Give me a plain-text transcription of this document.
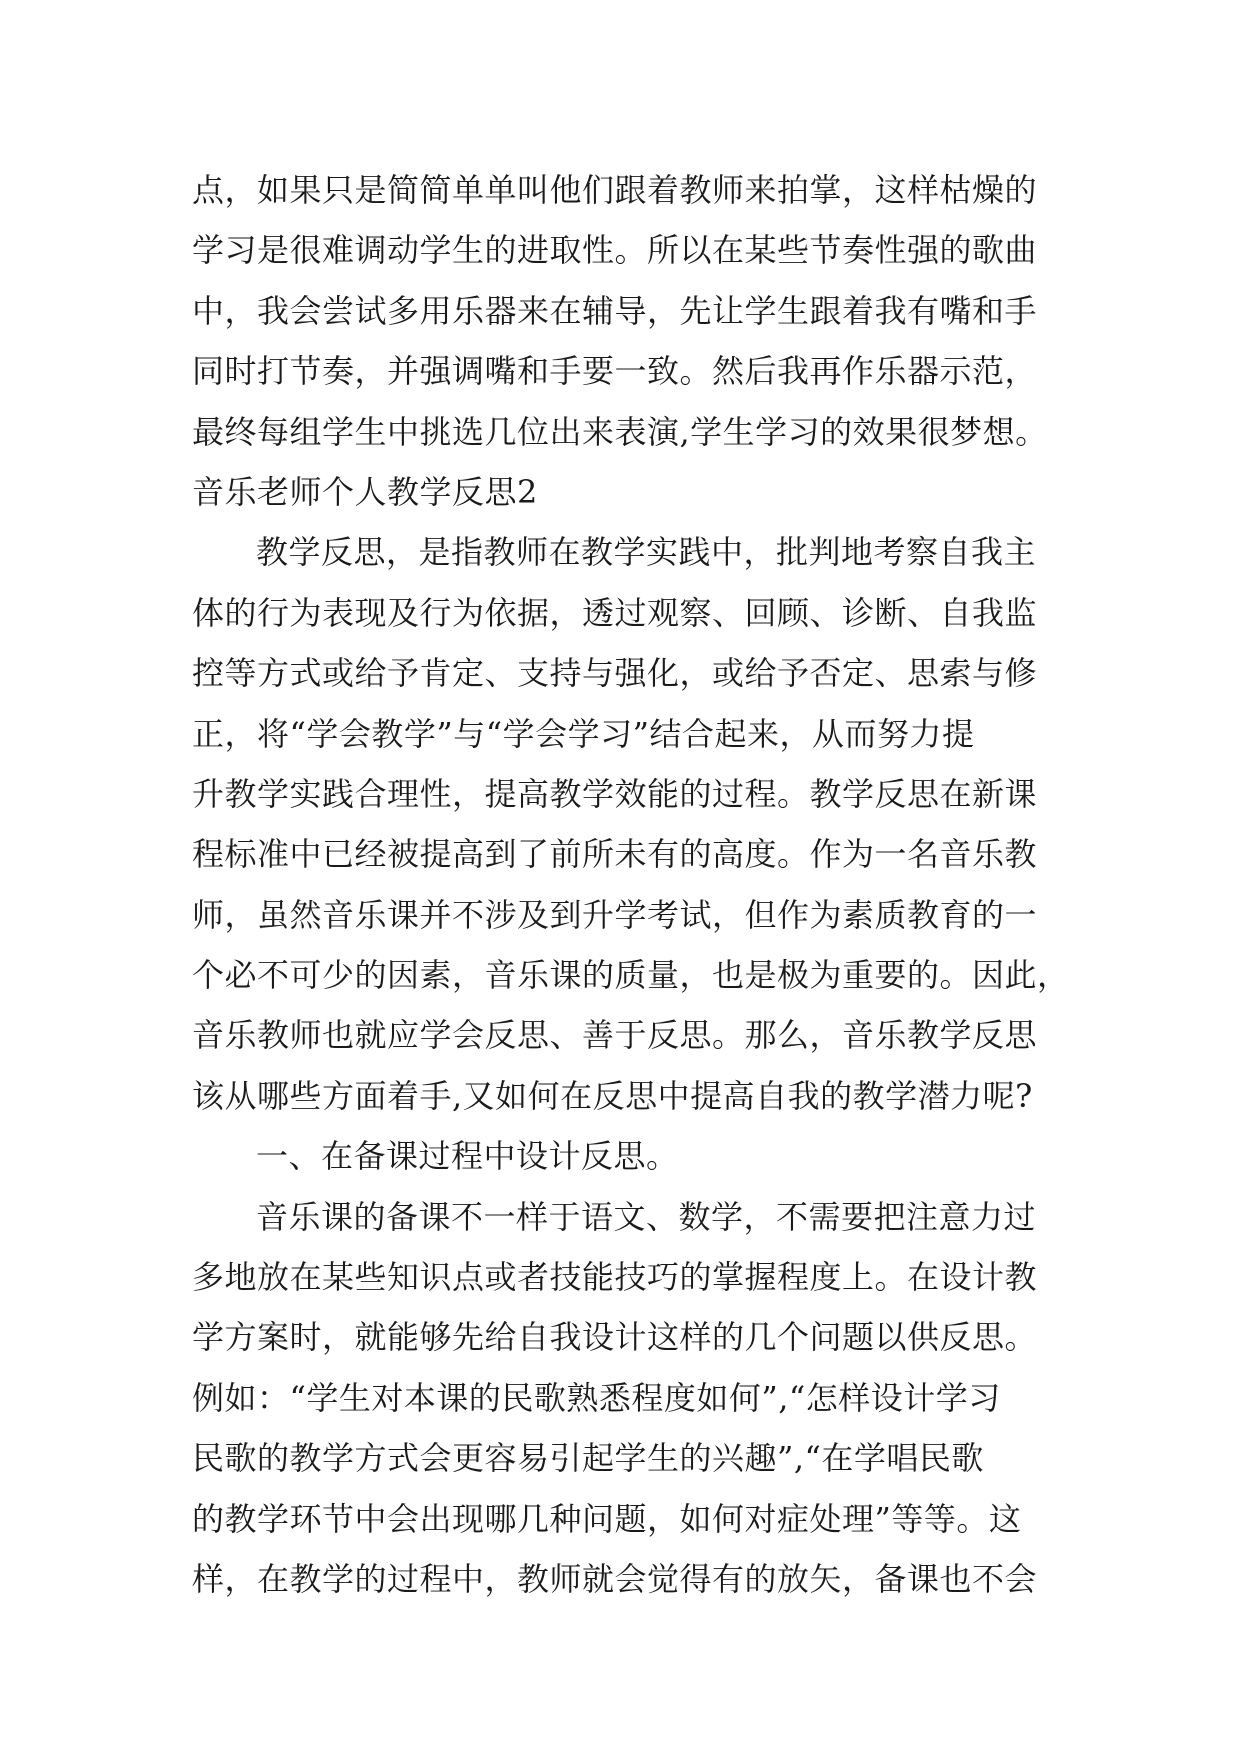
点，如果只是简简单单叫他们跟着教师来拍掌，这样枯燥的
学习是很难调动学生的进取性。所以在某些节奏性强的歌曲
中，我会尝试多用乐器来在辅导，先让学生跟着我有嘴和手
同时打节奏，并强调嘴和手要一致。然后我再作乐器示范，
最终每组学生中挑选几位出来表演,学生学习的效果很梦想。
音乐老师个人教学反思2
教学反思，是指教师在教学实践中，批判地考察自我主
体的行为表现及行为依据，透过观察、回顾、诊断、自我监
控等方式或给予肯定、支持与强化，或给予否定、思索与修
正，将“学会教学”与“学会学习”结合起来，从而努力提
升教学实践合理性，提高教学效能的过程。教学反思在新课
程标准中已经被提高到了前所未有的高度。作为一名音乐教
师，虽然音乐课并不涉及到升学考试，但作为素质教育的一
个必不可少的因素，音乐课的质量，也是极为重要的。因此，
音乐教师也就应学会反思、善于反思。那么，音乐教学反思
该从哪些方面着手,又如何在反思中提高自我的教学潜力呢?
一、在备课过程中设计反思。
音乐课的备课不一样于语文、数学，不需要把注意力过
多地放在某些知识点或者技能技巧的掌握程度上。在设计教
学方案时，就能够先给自我设计这样的几个问题以供反思。
例如：“学生对本课的民歌熟悉程度如何”,“怎样设计学习
民歌的教学方式会更容易引起学生的兴趣”,“在学唱民歌
的教学环节中会出现哪几种问题，如何对症处理”等等。这
样，在教学的过程中，教师就会觉得有的放矢，备课也不会
